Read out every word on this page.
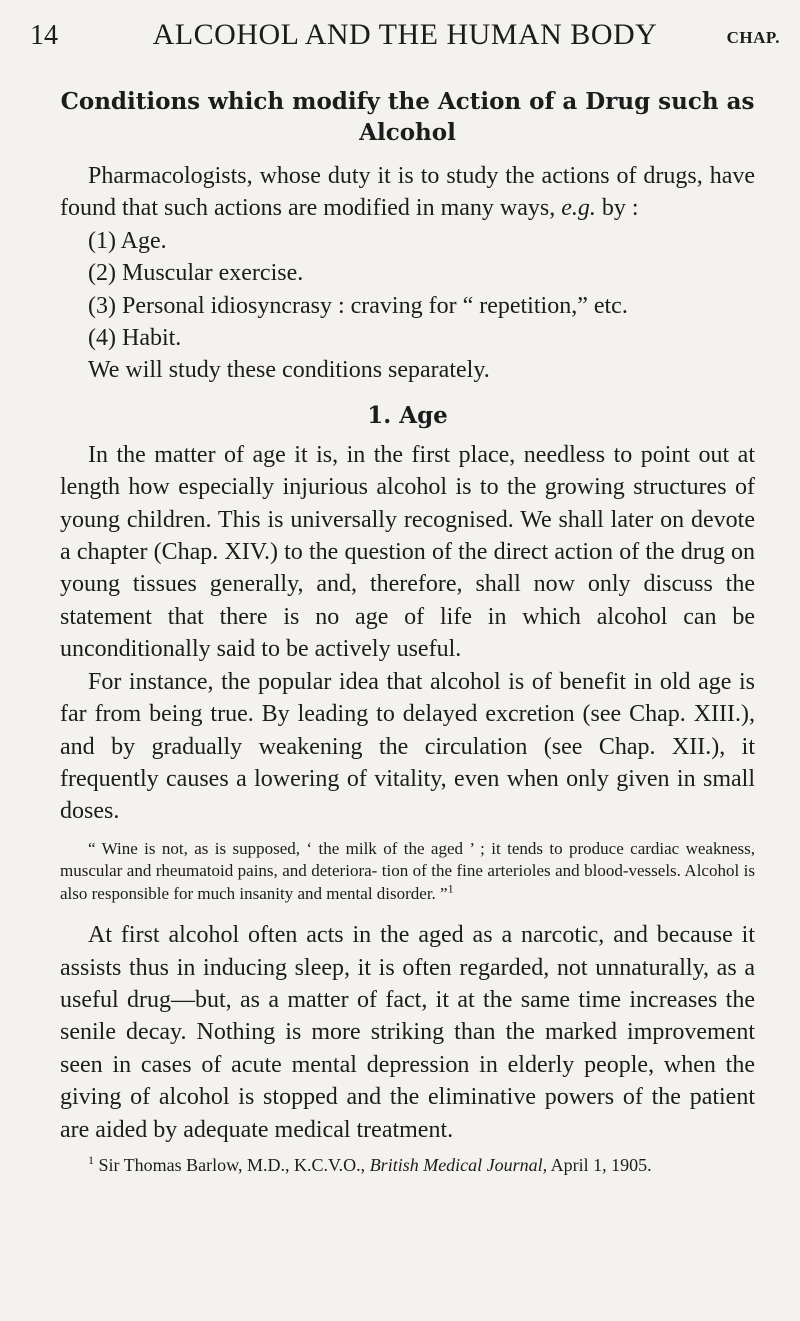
14	ALCOHOL AND THE HUMAN BODY	CHAP.
Conditions which modify the Action of a Drug such as
Alcohol

Pharmacologists, whose duty it is to study the actions of drugs, have found that such actions are modified in many ways, e.g. by :

(1) Age.
(2) Muscular exercise.
(3) Personal idiosyncrasy : craving for “ repetition,” etc.
(4) Habit.

We will study these conditions separately.

1. Age

In the matter of age it is, in the first place, needless to point out at length how especially injurious alcohol is to the growing structures of young children. This is universally recognised. We shall later on devote a chapter (Chap. XIV.) to the question of the direct action of the drug on young tissues generally, and, therefore, shall now only discuss the statement that there is no age of life in which alcohol can be unconditionally said to be actively useful.

For instance, the popular idea that alcohol is of benefit in old age is far from being true. By leading to delayed excretion (see Chap. XIII.), and by gradually weakening the circulation (see Chap. XII.), it frequently causes a lowering of vitality, even when only given in small doses.

“ Wine is not, as is supposed, ‘ the milk of the aged ’ ; it tends to produce cardiac weakness, muscular and rheumatoid pains, and deteriora- tion of the fine arterioles and blood-vessels. Alcohol is also responsible for much insanity and mental disorder. ”$^1$

At first alcohol often acts in the aged as a narcotic, and because it assists thus in inducing sleep, it is often regarded, not unnaturally, as a useful drug—but, as a matter of fact, it at the same time increases the senile decay. Nothing is more striking than the marked improvement seen in cases of acute mental depression in elderly people, when the giving of alcohol is stopped and the eliminative powers of the patient are aided by adequate medical treatment.

$^1$ Sir Thomas Barlow, M.D., K.C.V.O., British Medical Journal, April 1, 1905.
